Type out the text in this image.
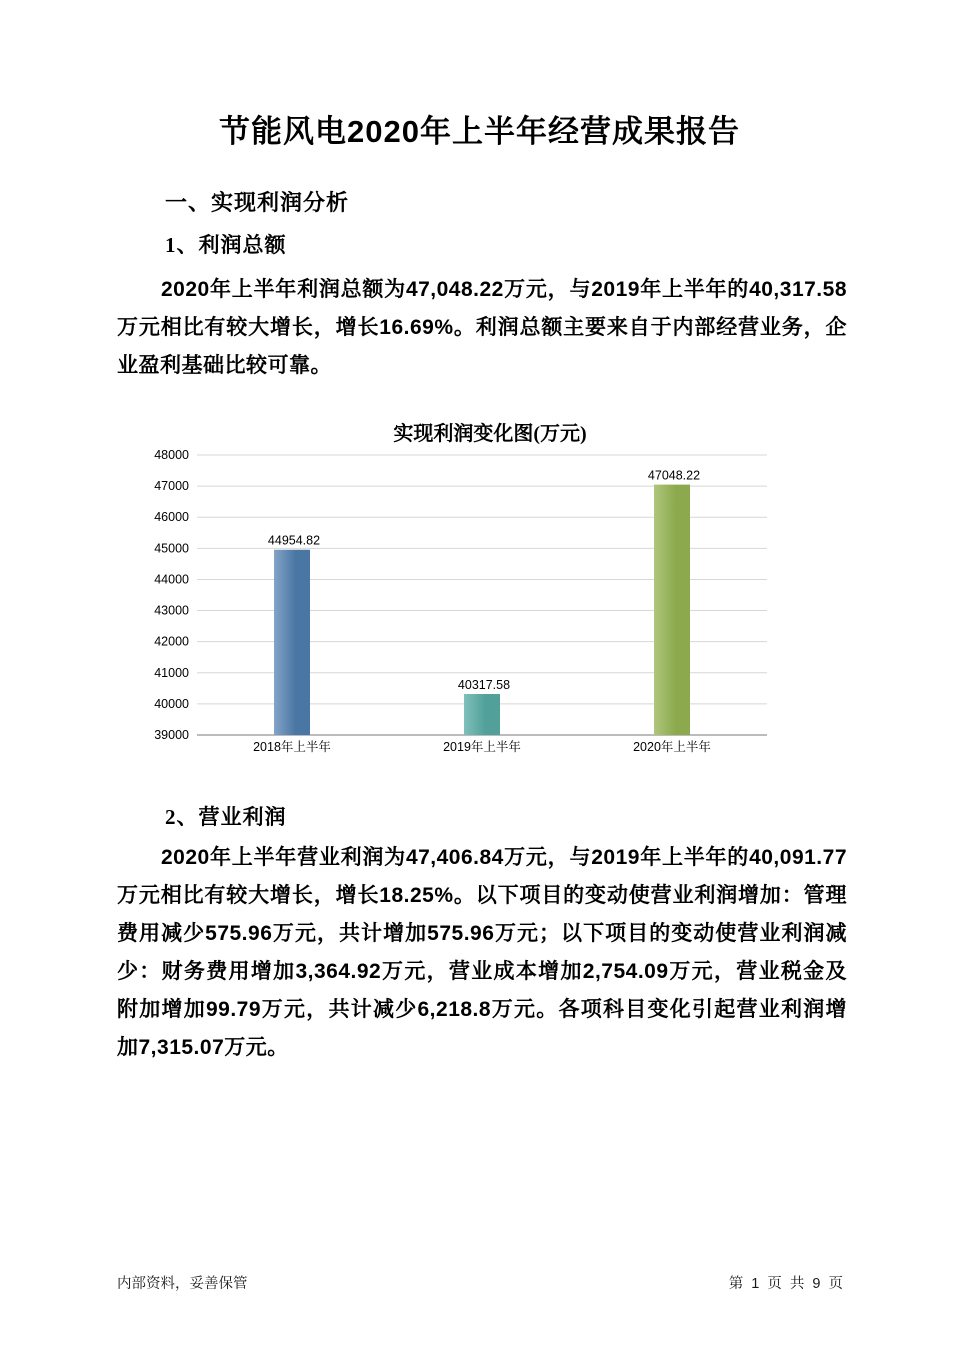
节能风电2020年上半年经营成果报告
一、实现利润分析
1、利润总额

2020年上半年利润总额为47,048.22万元，与2019年上半年的40,317.58万元相比有较大增长，增长16.69%。利润总额主要来自于内部经营业务，企业盈利基础比较可靠。

39000
40000
41000
42000
43000
44000
45000
46000
47000
48000
44954.82
2018年上半年
40317.58
2019年上半年
47048.22
2020年上半年
实现利润变化图(万元)
2、营业利润

2020年上半年营业利润为47,406.84万元，与2019年上半年的40,091.77万元相比有较大增长，增长18.25%。以下项目的变动使营业利润增加：管理费用减少575.96万元，共计增加575.96万元；以下项目的变动使营业利润减少：财务费用增加3,364.92万元，营业成本增加2,754.09万元，营业税金及附加增加99.79万元，共计减少6,218.8万元。各项科目变化引起营业利润增加7,315.07万元。

内部资料，妥善保管	第 1 页 共 9 页
